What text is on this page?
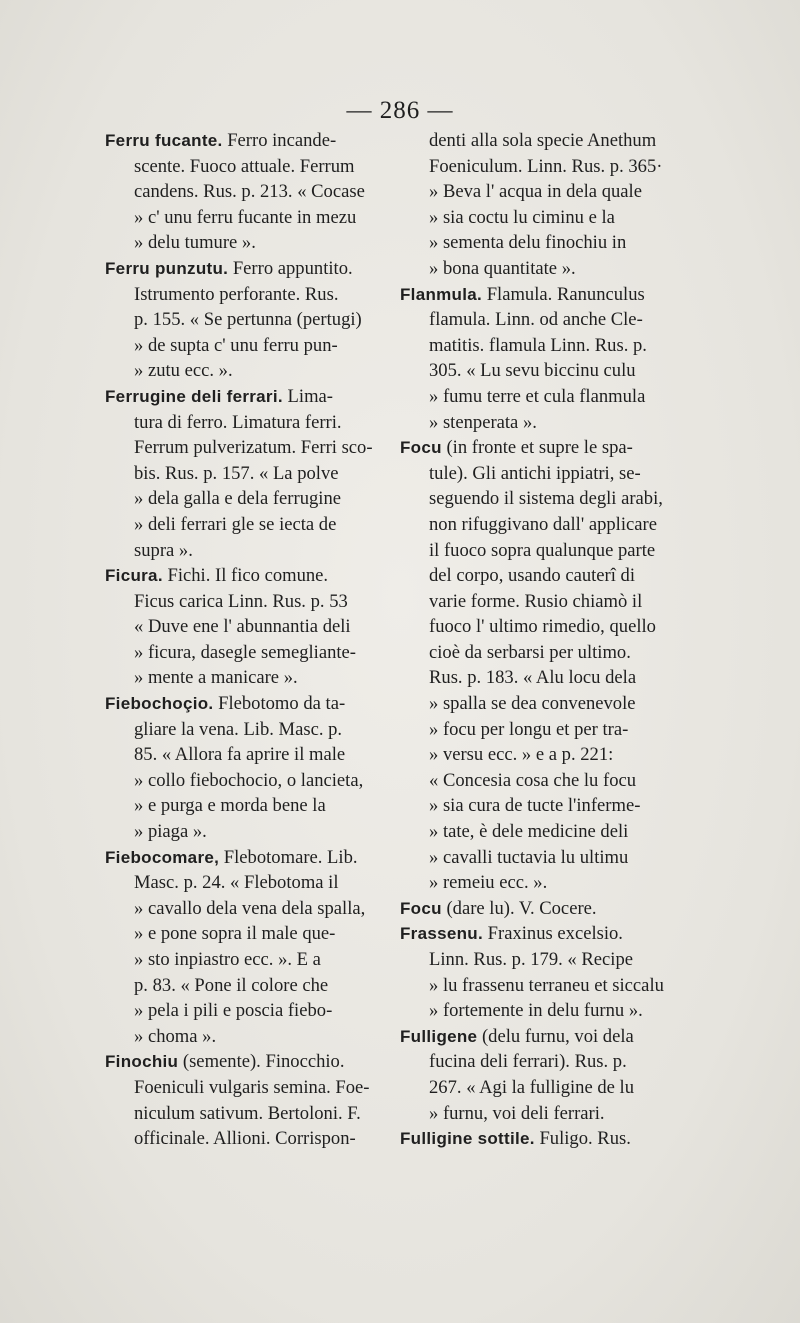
— 286 —

Ferru fucante. Ferro incande-
scente. Fuoco attuale. Ferrum
candens. Rus. p. 213. « Cocase
» c' unu ferru fucante in mezu
» delu tumure ».

Ferru punzutu. Ferro appuntito.
Istrumento perforante. Rus.
p. 155. « Se pertunna (pertugi)
» de supta c' unu ferru pun-
» zutu ecc. ».

Ferrugine deli ferrari. Lima-
tura di ferro. Limatura ferri.
Ferrum pulverizatum. Ferri sco-
bis. Rus. p. 157. « La polve
» dela galla e dela ferrugine
» deli ferrari gle se iecta de
supra ».

Ficura. Fichi. Il fico comune.
Ficus carica Linn. Rus. p. 53
« Duve ene l' abunnantia deli
» ficura, dasegle semegliante-
» mente a manicare ».

Fiebochoçio. Flebotomo da ta-
gliare la vena. Lib. Masc. p.
85. « Allora fa aprire il male
» collo fiebochocio, o lancieta,
» e purga e morda bene la
» piaga ».

Fiebocomare, Flebotomare. Lib.
Masc. p. 24. « Flebotoma il
» cavallo dela vena dela spalla,
» e pone sopra il male que-
» sto inpiastro ecc. ». E a
p. 83. « Pone il colore che
» pela i pili e poscia fiebo-
» choma ».

Finochiu (semente). Finocchio.
Foeniculi vulgaris semina. Foe-
niculum sativum. Bertoloni. F.
officinale. Allioni. Corrispon-

denti alla sola specie Anethum
Foeniculum. Linn. Rus. p. 365·
» Beva l' acqua in dela quale
» sia coctu lu ciminu e la
» sementa delu finochiu in
» bona quantitate ».

Flanmula. Flamula. Ranunculus
flamula. Linn. od anche Cle-
matitis. flamula Linn. Rus. p.
305. « Lu sevu biccinu culu
» fumu terre et cula flanmula
» stenperata ».

Focu (in fronte et supre le spa-
tule). Gli antichi ippiatri, se-
seguendo il sistema degli arabi,
non rifuggivano dall' applicare
il fuoco sopra qualunque parte
del corpo, usando cauterî di
varie forme. Rusio chiamò il
fuoco l' ultimo rimedio, quello
cioè da serbarsi per ultimo.
Rus. p. 183. « Alu locu dela
» spalla se dea convenevole
» focu per longu et per tra-
» versu ecc. » e a p. 221:
« Concesia cosa che lu focu
» sia cura de tucte l'inferme-
» tate, è dele medicine deli
» cavalli tuctavia lu ultimu
» remeiu ecc. ».

Focu (dare lu). V. Cocere.

Frassenu. Fraxinus excelsio.
Linn. Rus. p. 179. « Recipe
» lu frassenu terraneu et siccalu
» fortemente in delu furnu ».

Fulligene (delu furnu, voi dela
fucina deli ferrari). Rus. p.
267. « Agi la fulligine de lu
» furnu, voi deli ferrari.

Fulligine sottile. Fuligo. Rus.
